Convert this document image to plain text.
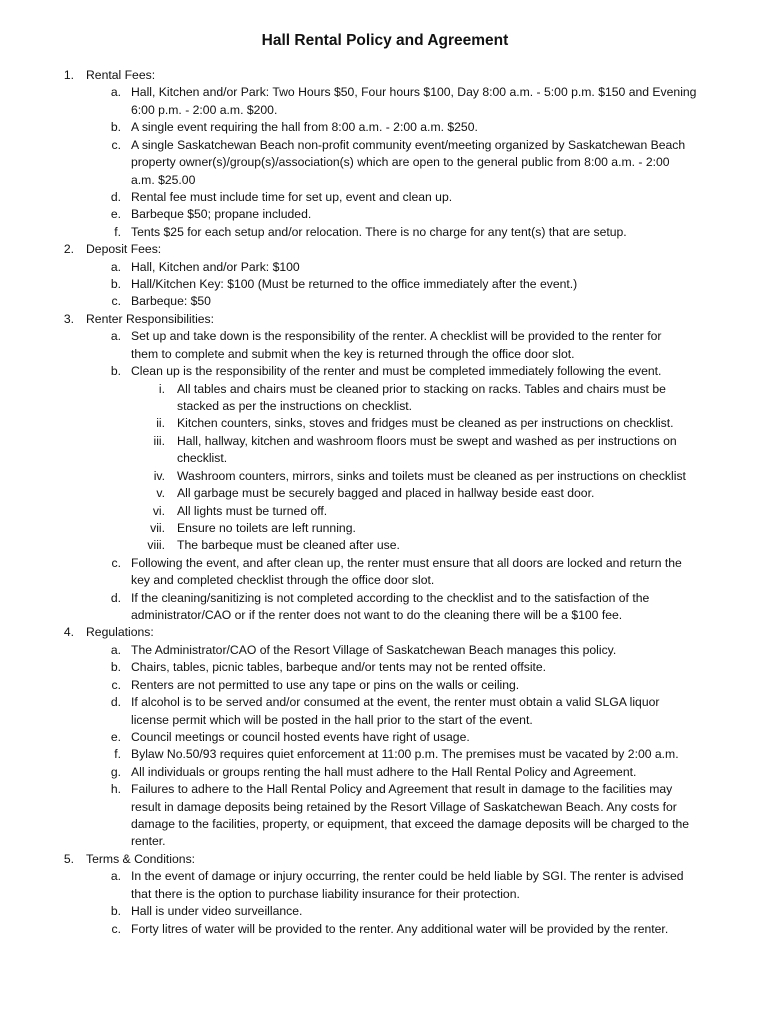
Hall Rental Policy and Agreement
1. Rental Fees:
a. Hall, Kitchen and/or Park: Two Hours $50, Four hours $100, Day 8:00 a.m. - 5:00 p.m. $150 and Evening
6:00 p.m. - 2:00 a.m. $200.
b. A single event requiring the hall from 8:00 a.m. - 2:00 a.m. $250.
c. A single Saskatchewan Beach non-profit community event/meeting organized by Saskatchewan Beach
property owner(s)/group(s)/association(s) which are open to the general public from 8:00 a.m. - 2:00
a.m. $25.00
d. Rental fee must include time for set up, event and clean up.
e. Barbeque $50; propane included.
f. Tents $25 for each setup and/or relocation. There is no charge for any tent(s) that are setup.
2. Deposit Fees:
a. Hall, Kitchen and/or Park: $100
b. Hall/Kitchen Key: $100 (Must be returned to the office immediately after the event.)
c. Barbeque: $50
3. Renter Responsibilities:
a. Set up and take down is the responsibility of the renter. A checklist will be provided to the renter for
them to complete and submit when the key is returned through the office door slot.
b. Clean up is the responsibility of the renter and must be completed immediately following the event.
i. All tables and chairs must be cleaned prior to stacking on racks. Tables and chairs must be
stacked as per the instructions on checklist.
ii. Kitchen counters, sinks, stoves and fridges must be cleaned as per instructions on checklist.
iii. Hall, hallway, kitchen and washroom floors must be swept and washed as per instructions on
checklist.
iv. Washroom counters, mirrors, sinks and toilets must be cleaned as per instructions on checklist
v. All garbage must be securely bagged and placed in hallway beside east door.
vi. All lights must be turned off.
vii. Ensure no toilets are left running.
viii. The barbeque must be cleaned after use.
c. Following the event, and after clean up, the renter must ensure that all doors are locked and return the
key and completed checklist through the office door slot.
d. If the cleaning/sanitizing is not completed according to the checklist and to the satisfaction of the
administrator/CAO or if the renter does not want to do the cleaning there will be a $100 fee.
4. Regulations:
a. The Administrator/CAO of the Resort Village of Saskatchewan Beach manages this policy.
b. Chairs, tables, picnic tables, barbeque and/or tents may not be rented offsite.
c. Renters are not permitted to use any tape or pins on the walls or ceiling.
d. If alcohol is to be served and/or consumed at the event, the renter must obtain a valid SLGA liquor
license permit which will be posted in the hall prior to the start of the event.
e. Council meetings or council hosted events have right of usage.
f. Bylaw No.50/93 requires quiet enforcement at 11:00 p.m. The premises must be vacated by 2:00 a.m.
g. All individuals or groups renting the hall must adhere to the Hall Rental Policy and Agreement.
h. Failures to adhere to the Hall Rental Policy and Agreement that result in damage to the facilities may
result in damage deposits being retained by the Resort Village of Saskatchewan Beach. Any costs for
damage to the facilities, property, or equipment, that exceed the damage deposits will be charged to the
renter.
5. Terms & Conditions:
a. In the event of damage or injury occurring, the renter could be held liable by SGI. The renter is advised
that there is the option to purchase liability insurance for their protection.
b. Hall is under video surveillance.
c. Forty litres of water will be provided to the renter. Any additional water will be provided by the renter.
